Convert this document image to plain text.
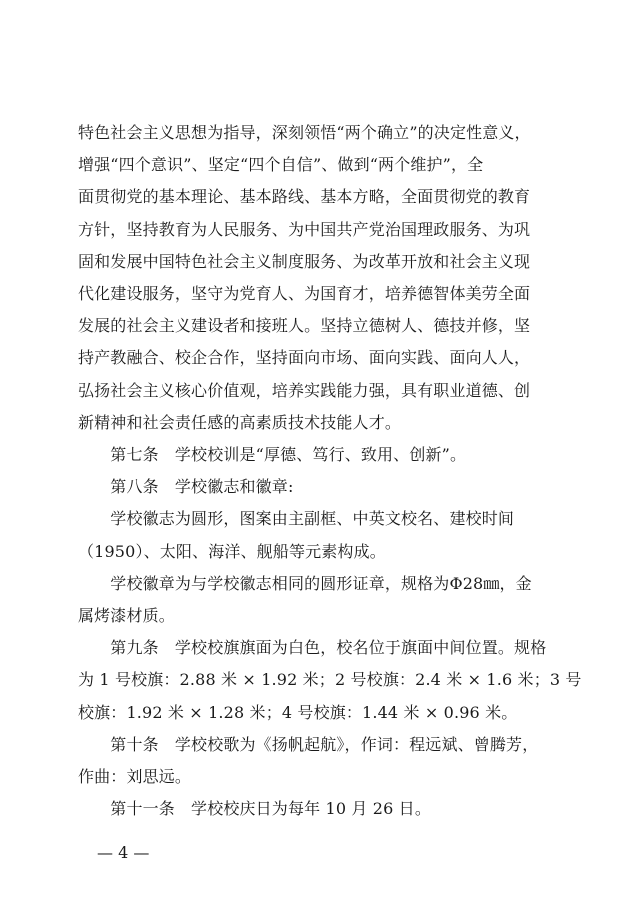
特色社会主义思想为指导，深刻领悟“两个确立”的决定性意义，
增强“四个意识”、坚定“四个自信”、做到“两个维护”，全
面贯彻党的基本理论、基本路线、基本方略，全面贯彻党的教育
方针，坚持教育为人民服务、为中国共产党治国理政服务、为巩
固和发展中国特色社会主义制度服务、为改革开放和社会主义现
代化建设服务，坚守为党育人、为国育才，培养德智体美劳全面
发展的社会主义建设者和接班人。坚持立德树人、德技并修，坚
持产教融合、校企合作，坚持面向市场、面向实践、面向人人，
弘扬社会主义核心价值观，培养实践能力强，具有职业道德、创
新精神和社会责任感的高素质技术技能人才。
　　第七条　学校校训是“厚德、笃行、致用、创新”。
　　第八条　学校徽志和徽章:
　　学校徽志为圆形，图案由主副框、中英文校名、建校时间
（1950）、太阳、海洋、舰船等元素构成。
　　学校徽章为与学校徽志相同的圆形证章，规格为Φ28㎜，金
属烤漆材质。
　　第九条　学校校旗旗面为白色，校名位于旗面中间位置。规格
为 1 号校旗：2.88 米 × 1.92 米；2 号校旗：2.4 米 × 1.6 米；3 号
校旗：1.92 米 × 1.28 米；4 号校旗：1.44 米 × 0.96 米。
　　第十条　学校校歌为《扬帆起航》，作词：程远斌、曾腾芳，
作曲：刘思远。
　　第十一条　学校校庆日为每年 10 月 26 日。
— 4 —
